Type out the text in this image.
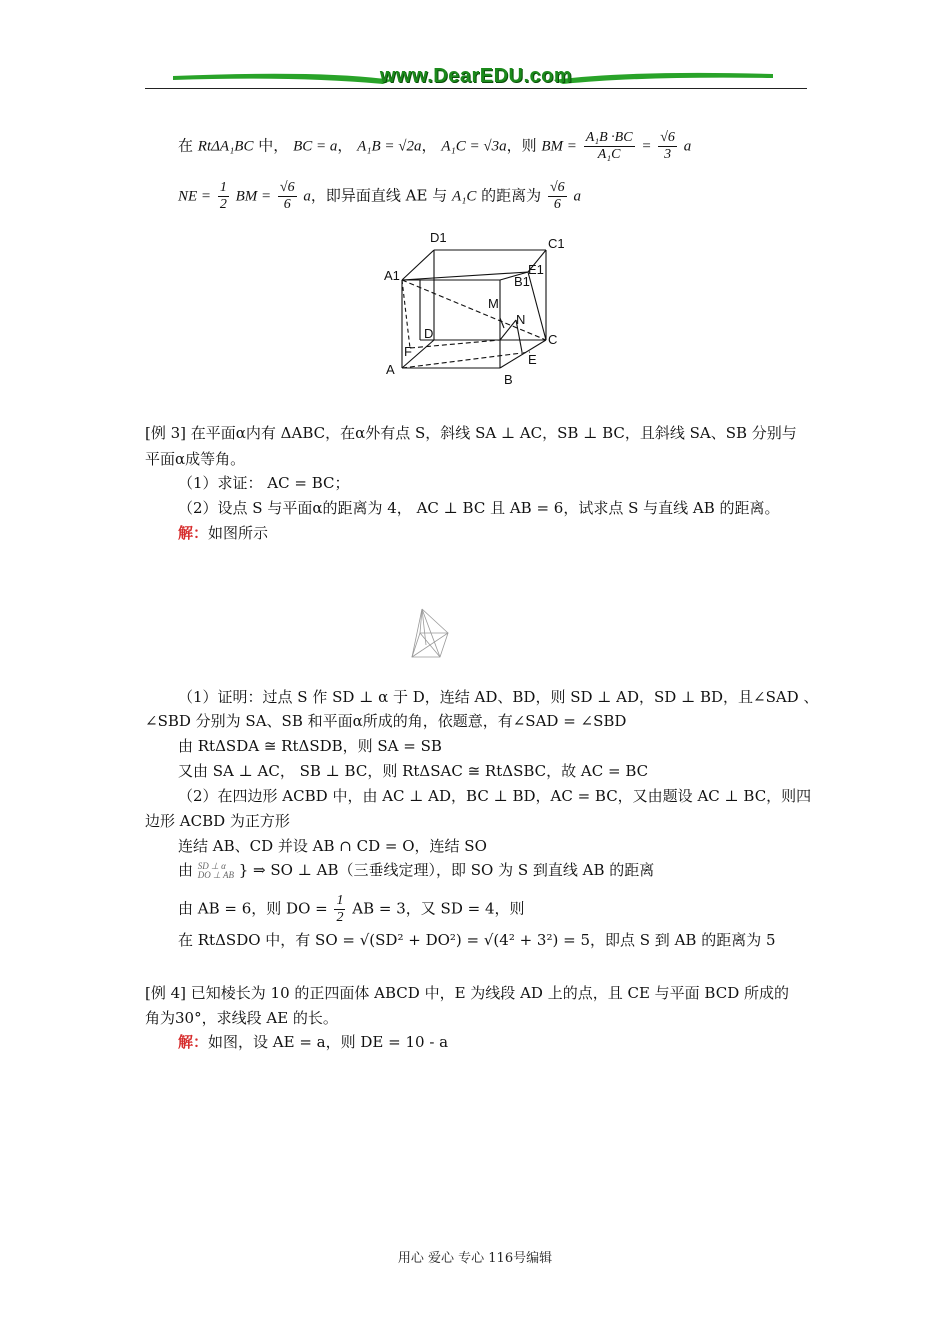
www.DearEDU.com
在 RtΔA₁BC 中， BC = a， A₁B = √2a， A₁C = √3a，则 BM = $\frac{\text{A₁B ·BC}}{\text{A₁C}} = \frac{√6}{3}$ a
NE = $\frac{1}{2}$ BM = $\frac{√6}{6}$ a，即异面直线 AE 与 A₁C 的距离为 $\frac{√6}{6}$ a
D1	C1
A1	E1
B1
M
N
D	C
F
E
A
B
[例 3] 在平面α内有 ΔABC，在α外有点 S，斜线 SA ⊥ AC，SB ⊥ BC，且斜线 SA、SB 分别与
平面α成等角。
（1）求证： AC = BC；
（2）设点 S 与平面α的距离为 4， AC ⊥ BC 且 AB = 6，试求点 S 与直线 AB 的距离。
解：如图所示
（1）证明：过点 S 作 SD ⊥ α 于 D，连结 AD、BD，则 SD ⊥ AD，SD ⊥ BD，且∠SAD 、
∠SBD 分别为 SA、SB 和平面α所成的角，依题意，有∠SAD = ∠SBD
由 RtΔSDA ≅ RtΔSDB，则 SA = SB
又由 SA ⊥ AC， SB ⊥ BC，则 RtΔSAC ≅ RtΔSBC，故 AC = BC
（2）在四边形 ACBD 中，由 AC ⊥ AD，BC ⊥ BD，AC = BC，又由题设 AC ⊥ BC，则四
边形 ACBD 为正方形
连结 AB、CD 并设 AB ∩ CD = O，连结 SO
由 SD ⊥ α
DO ⊥ AB } ⇒ SO ⊥ AB（三垂线定理），即 SO 为 S 到直线 AB 的距离
由 AB = 6，则 DO = $\frac{1}{2}$ AB = 3，又 SD = 4，则
在 RtΔSDO 中，有 SO = √(SD² + DO²) = √(4² + 3²) = 5，即点 S 到 AB 的距离为 5
[例 4] 已知棱长为 10 的正四面体 ABCD 中，E 为线段 AD 上的点，且 CE 与平面 BCD 所成的
角为30°，求线段 AE 的长。
解：如图，设 AE = a，则 DE = 10 - a
用心 爱心 专心 116号编辑
